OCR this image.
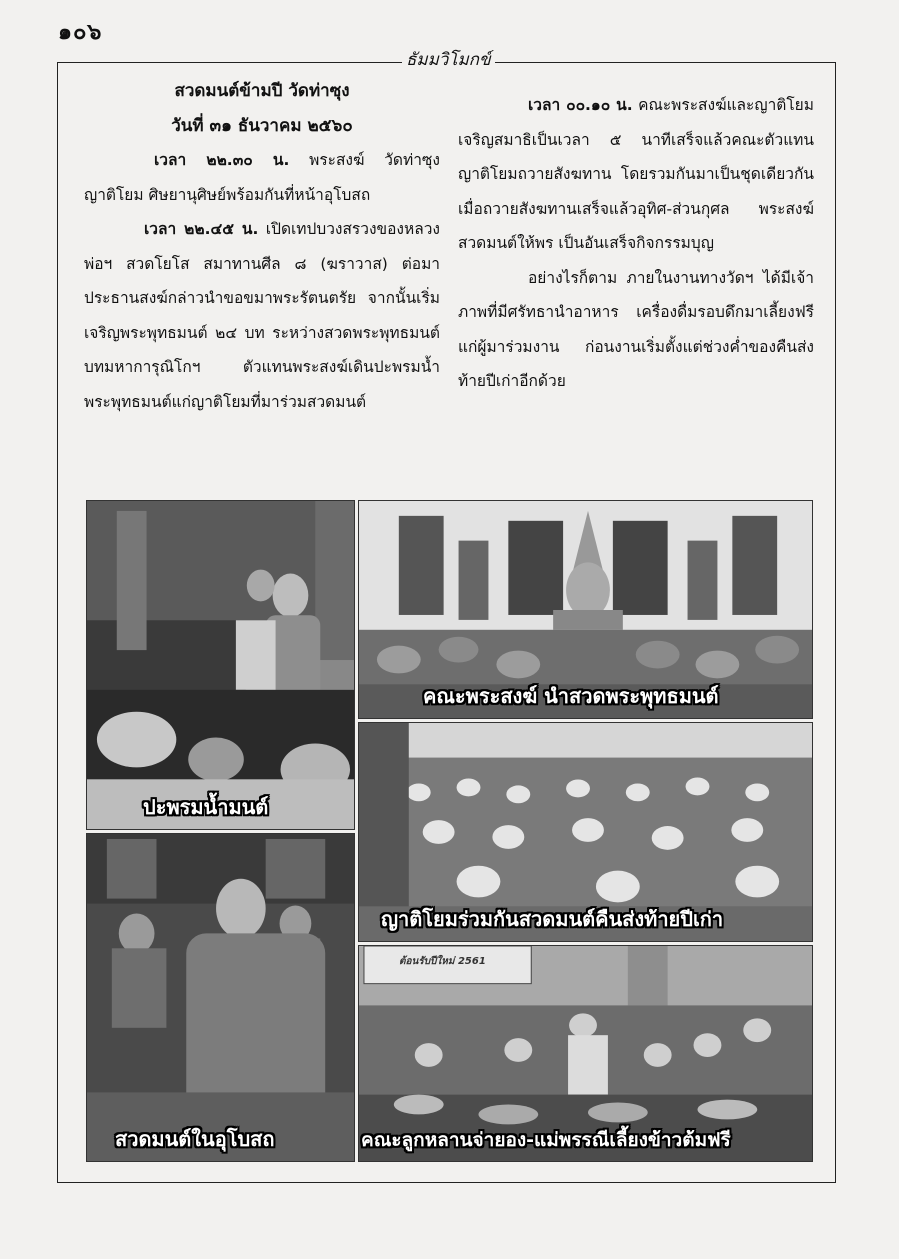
๑๐๖
ธัมมวิโมกข์
สวดมนต์ข้ามปี วัดท่าซุง
วันที่ ๓๑ ธันวาคม ๒๕๖๐

เวลา ๒๒.๓๐ น. พระสงฆ์ วัดท่าซุง ญาติโยม ศิษยานุศิษย์พร้อมกันที่หน้าอุโบสถ

เวลา ๒๒.๔๕ น. เปิดเทปบวงสรวงของหลวงพ่อฯ สวดโยโส สมาทานศีล ๘ (ฆราวาส) ต่อมาประธานสงฆ์กล่าวนำขอขมาพระรัตนตรัย จากนั้นเริ่มเจริญพระพุทธมนต์ ๒๔ บท ระหว่างสวดพระพุทธมนต์บทมหาการุณิโกฯ ตัวแทนพระสงฆ์เดินปะพรมน้ำพระพุทธมนต์แก่ญาติโยมที่มาร่วมสวดมนต์

เวลา ๐๐.๑๐ น. คณะพระสงฆ์และญาติโยมเจริญสมาธิเป็นเวลา ๕ นาทีเสร็จแล้วคณะตัวแทนญาติโยมถวายสังฆทาน โดยรวมกันมาเป็นชุดเดียวกัน เมื่อถวายสังฆทานเสร็จแล้วอุทิศ-ส่วนกุศล พระสงฆ์สวดมนต์ให้พร เป็นอันเสร็จกิจกรรมบุญ

อย่างไรก็ตาม ภายในงานทางวัดฯ ได้มีเจ้าภาพที่มีศรัทธานำอาหาร เครื่องดื่มรอบดึกมาเลี้ยงฟรีแก่ผู้มาร่วมงาน ก่อนงานเริ่มตั้งแต่ช่วงค่ำของคืนส่งท้ายปีเก่าอีกด้วย

ปะพรมน้ำมนต์
คณะพระสงฆ์ นำสวดพระพุทธมนต์
ญาติโยมร่วมกันสวดมนต์คืนส่งท้ายปีเก่า
สวดมนต์ในอุโบสถ
ต้อนรับปีใหม่ 2561
คณะลูกหลานจ่ายอง-แม่พรรณีเลี้ยงข้าวต้มฟรี
